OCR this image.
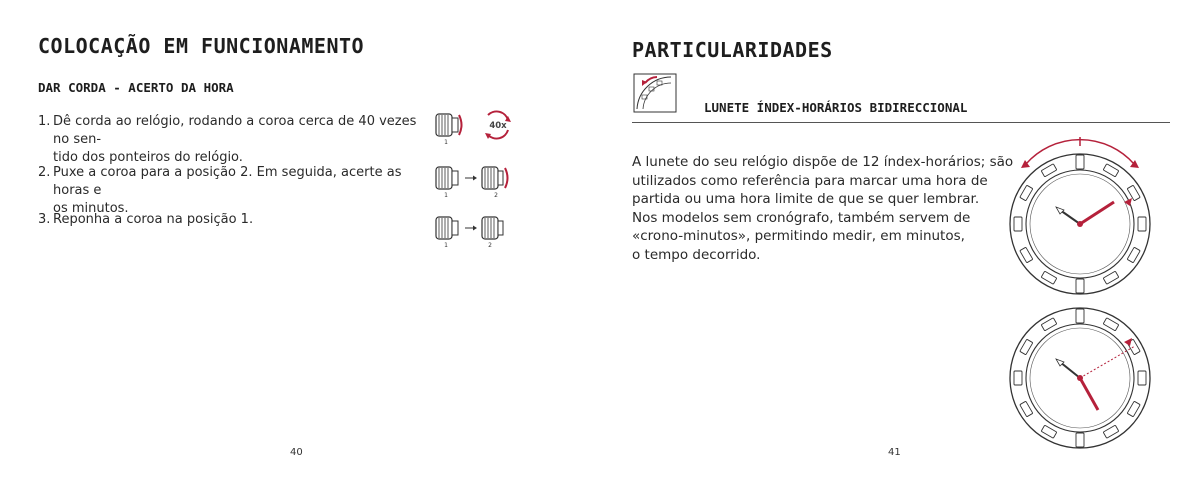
COLOCAÇÃO EM FUNCIONAMENTO
DAR CORDA - ACERTO DA HORA
1. Dê corda ao relógio, rodando a coroa cerca de 40 vezes no sen-
tido dos ponteiros do relógio.
2. Puxe a coroa para a posição 2. Em seguida, acerte as horas e
os minutos.
3. Reponha a coroa na posição 1.
1
40x
1	2
1	2
40
PARTICULARIDADES
LUNETE ÍNDEX-HORÁRIOS BIDIRECCIONAL
A lunete do seu relógio dispõe de 12 índex-horários; são
utilizados como referência para marcar uma hora de
partida ou uma hora limite de que se quer lembrar.
Nos modelos sem cronógrafo, também servem de
«crono-minutos», permitindo medir, em minutos,
o tempo decorrido.
41
